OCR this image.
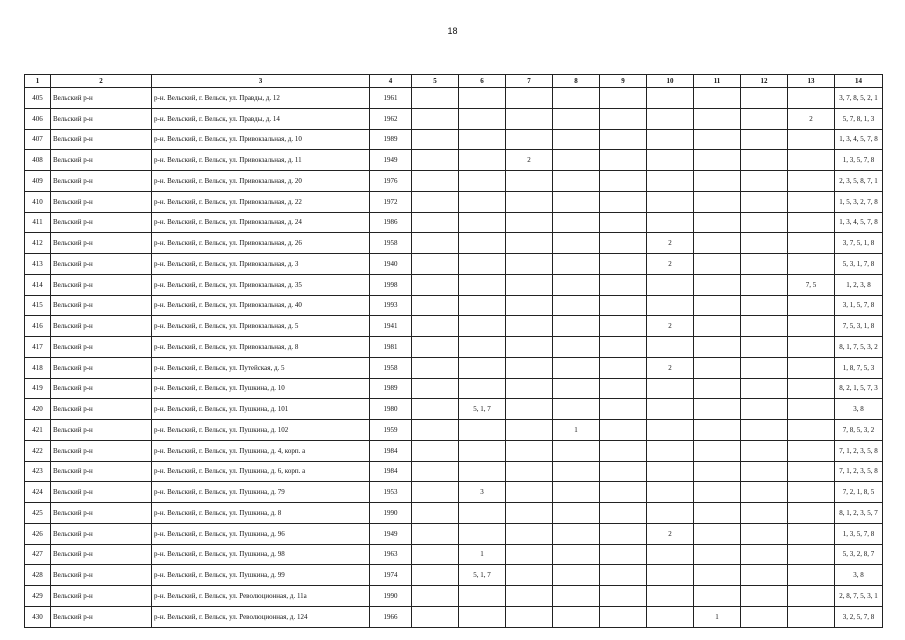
18
1	2	3	4	5	6	7	8	9	10	11	12	13	14
405	Вельский р-н	р-н. Вельский, г. Вельск, ул. Правды, д. 12	1961										3, 7, 8, 5, 2, 1
406	Вельский р-н	р-н. Вельский, г. Вельск, ул. Правды, д. 14	1962									2	5, 7, 8, 1, 3
407	Вельский р-н	р-н. Вельский, г. Вельск, ул. Привокзальная, д. 10	1989										1, 3, 4, 5, 7, 8
408	Вельский р-н	р-н. Вельский, г. Вельск, ул. Привокзальная, д. 11	1949			2							1, 3, 5, 7, 8
409	Вельский р-н	р-н. Вельский, г. Вельск, ул. Привокзальная, д. 20	1976										2, 3, 5, 8, 7, 1
410	Вельский р-н	р-н. Вельский, г. Вельск, ул. Привокзальная, д. 22	1972										1, 5, 3, 2, 7, 8
411	Вельский р-н	р-н. Вельский, г. Вельск, ул. Привокзальная, д. 24	1986										1, 3, 4, 5, 7, 8
412	Вельский р-н	р-н. Вельский, г. Вельск, ул. Привокзальная, д. 26	1958						2				3, 7, 5, 1, 8
413	Вельский р-н	р-н. Вельский, г. Вельск, ул. Привокзальная, д. 3	1940						2				5, 3, 1, 7, 8
414	Вельский р-н	р-н. Вельский, г. Вельск, ул. Привокзальная, д. 35	1998									7, 5	1, 2, 3, 8
415	Вельский р-н	р-н. Вельский, г. Вельск, ул. Привокзальная, д. 40	1993										3, 1, 5, 7, 8
416	Вельский р-н	р-н. Вельский, г. Вельск, ул. Привокзальная, д. 5	1941						2				7, 5, 3, 1, 8
417	Вельский р-н	р-н. Вельский, г. Вельск, ул. Привокзальная, д. 8	1981										8, 1, 7, 5, 3, 2
418	Вельский р-н	р-н. Вельский, г. Вельск, ул. Путейская, д. 5	1958						2				1, 8, 7, 5, 3
419	Вельский р-н	р-н. Вельский, г. Вельск, ул. Пушкина, д. 10	1989										8, 2, 1, 5, 7, 3
420	Вельский р-н	р-н. Вельский, г. Вельск, ул. Пушкина, д. 101	1980		5, 1, 7								3, 8
421	Вельский р-н	р-н. Вельский, г. Вельск, ул. Пушкина, д. 102	1959				1						7, 8, 5, 3, 2
422	Вельский р-н	р-н. Вельский, г. Вельск, ул. Пушкина, д. 4, корп. а	1984										7, 1, 2, 3, 5, 8
423	Вельский р-н	р-н. Вельский, г. Вельск, ул. Пушкина, д. 6, корп. а	1984										7, 1, 2, 3, 5, 8
424	Вельский р-н	р-н. Вельский, г. Вельск, ул. Пушкина, д. 79	1953		3								7, 2, 1, 8, 5
425	Вельский р-н	р-н. Вельский, г. Вельск, ул. Пушкина, д. 8	1990										8, 1, 2, 3, 5, 7
426	Вельский р-н	р-н. Вельский, г. Вельск, ул. Пушкина, д. 96	1949						2				1, 3, 5, 7, 8
427	Вельский р-н	р-н. Вельский, г. Вельск, ул. Пушкина, д. 98	1963		1								5, 3, 2, 8, 7
428	Вельский р-н	р-н. Вельский, г. Вельск, ул. Пушкина, д. 99	1974		5, 1, 7								3, 8
429	Вельский р-н	р-н. Вельский, г. Вельск, ул. Революционная, д. 11а	1990										2, 8, 7, 5, 3, 1
430	Вельский р-н	р-н. Вельский, г. Вельск, ул. Революционная, д. 124	1966							1			3, 2, 5, 7, 8
